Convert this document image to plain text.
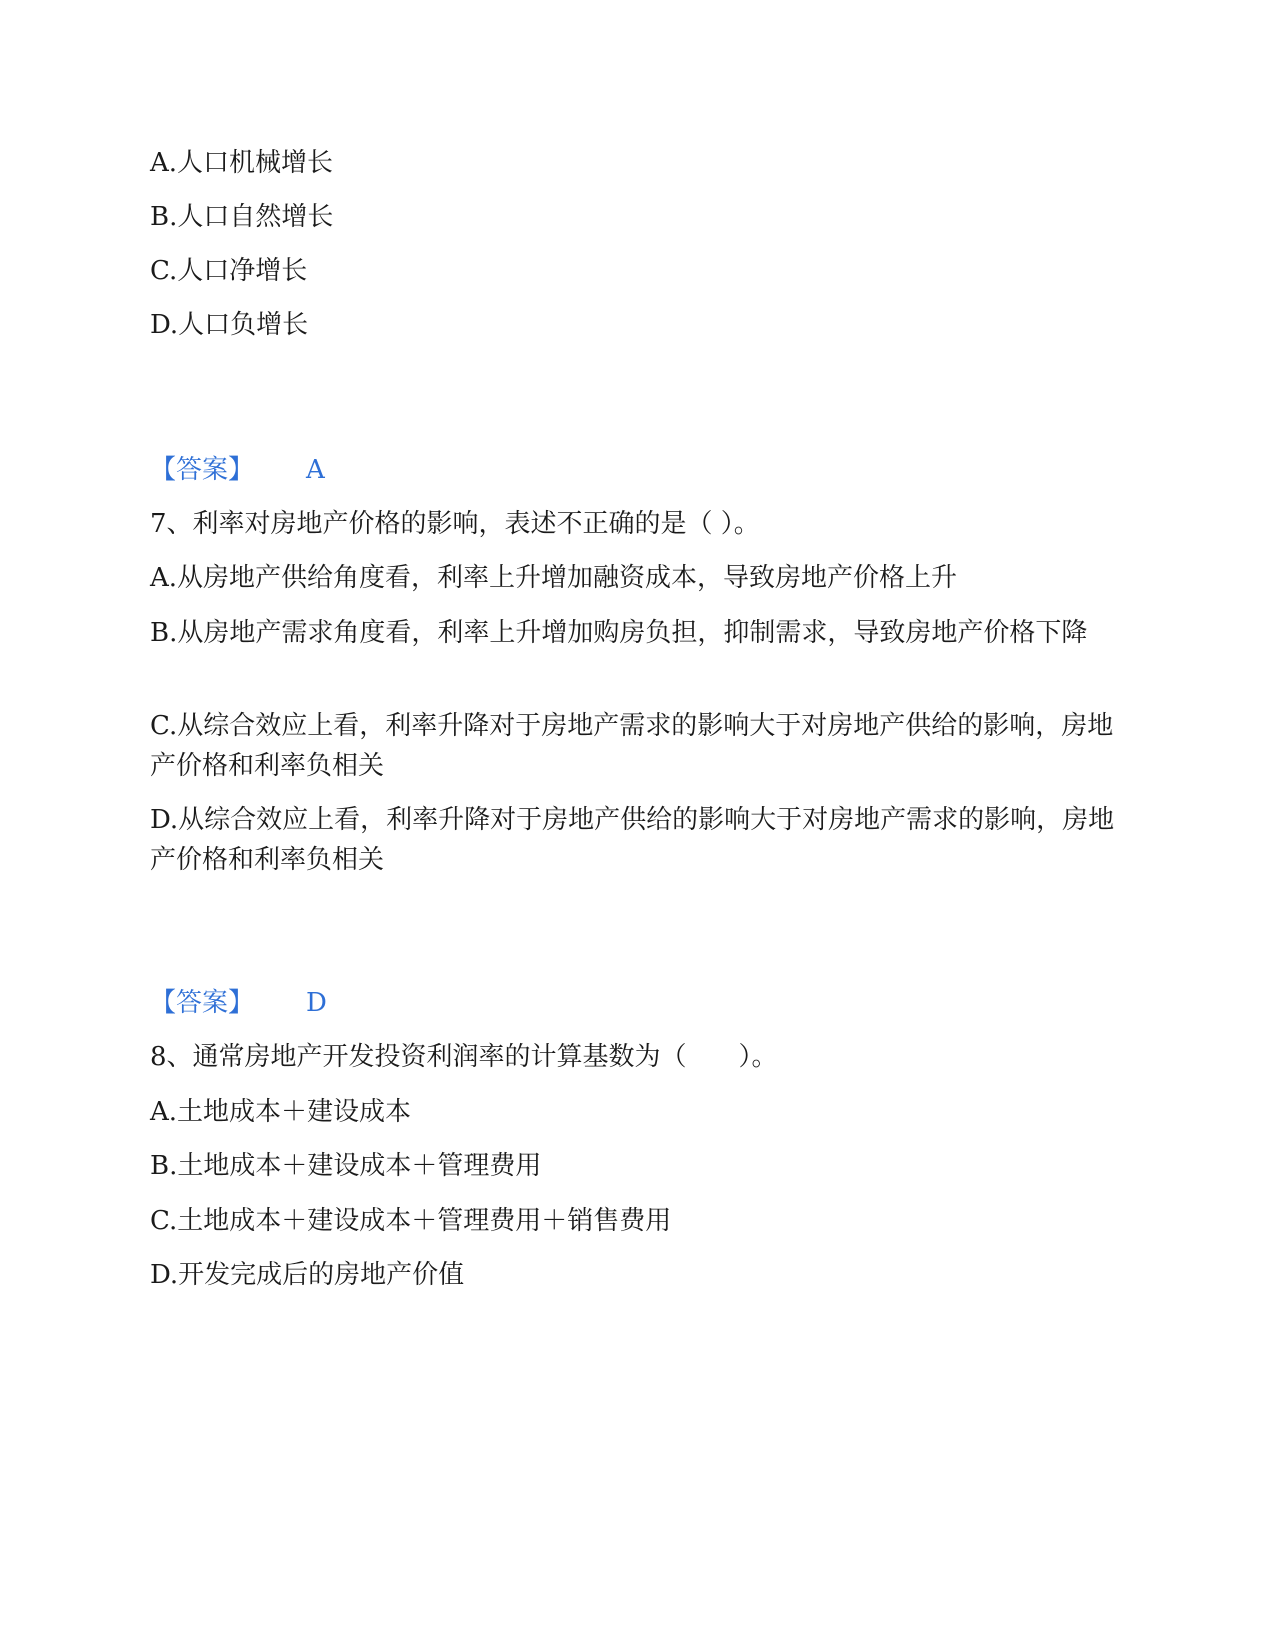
A.人口机械增长
B.人口自然增长
C.人口净增长
D.人口负增长
【答案】 A
7、利率对房地产价格的影响，表述不正确的是（ ）。
A.从房地产供给角度看，利率上升增加融资成本，导致房地产价格上升
B.从房地产需求角度看，利率上升增加购房负担，抑制需求，导致房地产价格下降
C.从综合效应上看，利率升降对于房地产需求的影响大于对房地产供给的影响，房地产价格和利率负相关
D.从综合效应上看，利率升降对于房地产供给的影响大于对房地产需求的影响，房地产价格和利率负相关
【答案】 D
8、通常房地产开发投资利润率的计算基数为（　　）。
A.土地成本＋建设成本
B.土地成本＋建设成本＋管理费用
C.土地成本＋建设成本＋管理费用＋销售费用
D.开发完成后的房地产价值
